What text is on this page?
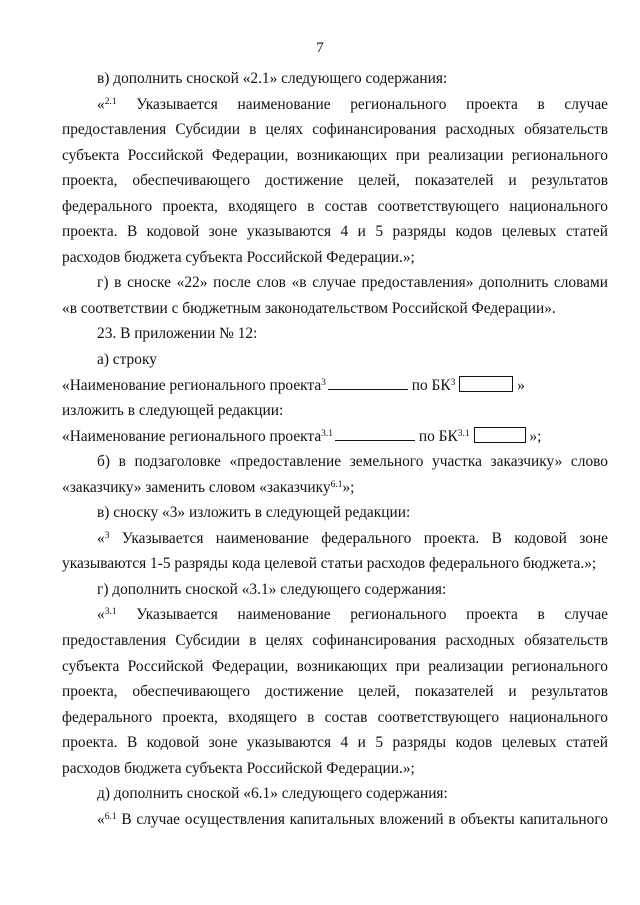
7

в) дополнить сноской «2.1» следующего содержания:

«$^{2.1}$ Указывается наименование регионального проекта в случае предоставления Субсидии в целях софинансирования расходных обязательств субъекта Российской Федерации, возникающих при реализации регионального проекта, обеспечивающего достижение целей, показателей и результатов федерального проекта, входящего в состав соответствующего национального проекта. В кодовой зоне указываются 4 и 5 разряды кодов целевых статей расходов бюджета субъекта Российской Федерации.»;

г) в сноске «22» после слов «в случае предоставления» дополнить словами «в соответствии с бюджетным законодательством Российской Федерации».

23. В приложении № 12:

а) строку

«Наименование регионального проекта$^3$	по $БК^3$	»

изложить в следующей редакции:

«Наименование регионального проекта$^{3.1}$	по $БК^{3.1}$	»;

б) в подзаголовке «предоставление земельного участка заказчику» слово «заказчику» заменить словом «заказчику$^{6.1}$»;

в) сноску «3» изложить в следующей редакции:

«$^3$ Указывается наименование федерального проекта. В кодовой зоне указываются 1-5 разряды кода целевой статьи расходов федерального бюджета.»;

г) дополнить сноской «3.1» следующего содержания:

«$^{3.1}$ Указывается наименование регионального проекта в случае предоставления Субсидии в целях софинансирования расходных обязательств субъекта Российской Федерации, возникающих при реализации регионального проекта, обеспечивающего достижение целей, показателей и результатов федерального проекта, входящего в состав соответствующего национального проекта. В кодовой зоне указываются 4 и 5 разряды кодов целевых статей расходов бюджета субъекта Российской Федерации.»;

д) дополнить сноской «6.1» следующего содержания:

«$^{6.1}$ В случае осуществления капитальных вложений в объекты капитального
